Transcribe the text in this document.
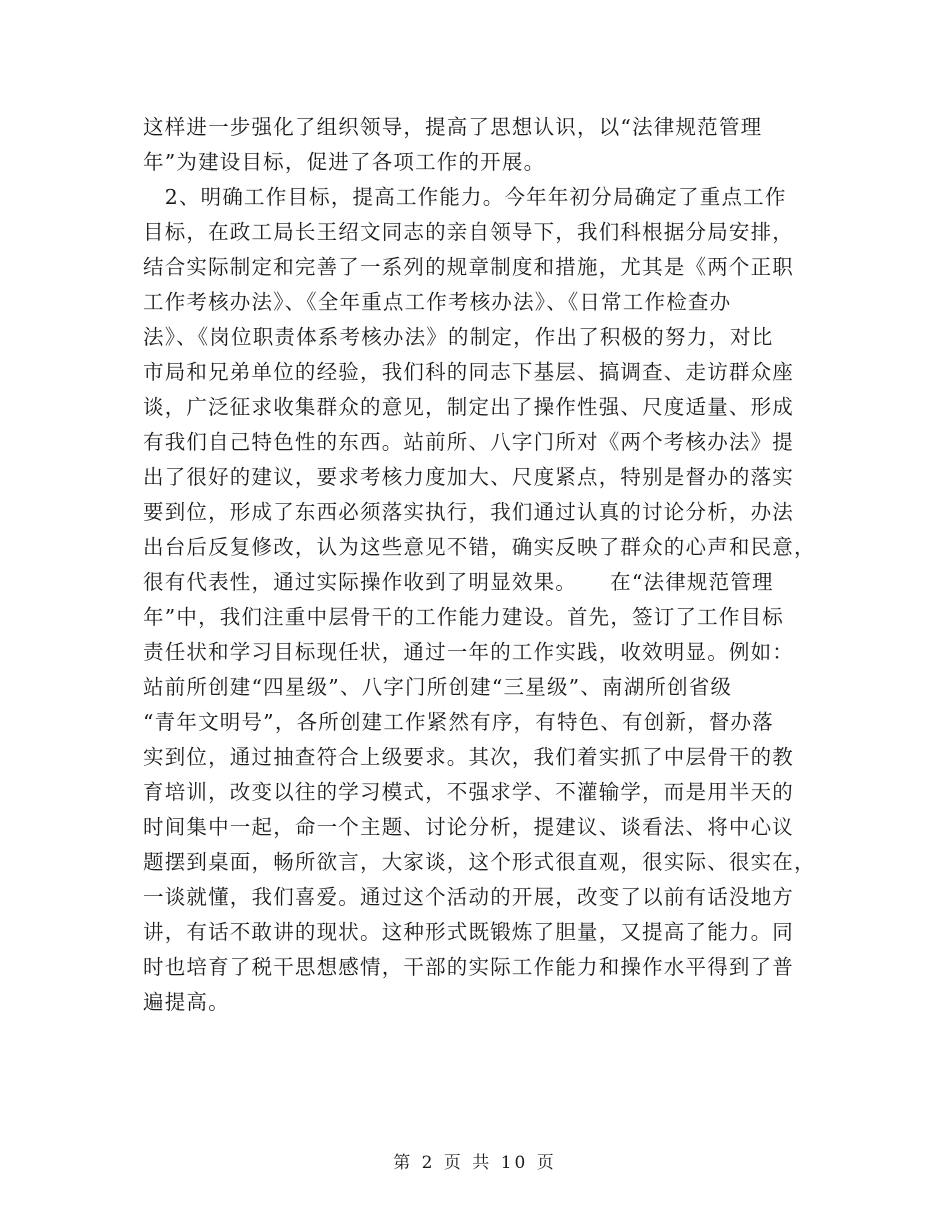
这样进一步强化了组织领导，提高了思想认识，以“法律规范管理
年”为建设目标，促进了各项工作的开展。
　2、明确工作目标，提高工作能力。今年年初分局确定了重点工作
目标，在政工局长王绍文同志的亲自领导下，我们科根据分局安排，
结合实际制定和完善了一系列的规章制度和措施，尤其是《两个正职
工作考核办法》、《全年重点工作考核办法》、《日常工作检查办
法》、《岗位职责体系考核办法》的制定，作出了积极的努力，对比
市局和兄弟单位的经验，我们科的同志下基层、搞调查、走访群众座
谈，广泛征求收集群众的意见，制定出了操作性强、尺度适量、形成
有我们自己特色性的东西。站前所、八字门所对《两个考核办法》提
出了很好的建议，要求考核力度加大、尺度紧点，特别是督办的落实
要到位，形成了东西必须落实执行，我们通过认真的讨论分析，办法
出台后反复修改，认为这些意见不错，确实反映了群众的心声和民意，
很有代表性，通过实际操作收到了明显效果。　　在“法律规范管理
年”中，我们注重中层骨干的工作能力建设。首先，签订了工作目标
责任状和学习目标现任状，通过一年的工作实践，收效明显。例如：
站前所创建“四星级”、八字门所创建“三星级”、南湖所创省级
“青年文明号”，各所创建工作紧然有序，有特色、有创新，督办落
实到位，通过抽查符合上级要求。其次，我们着实抓了中层骨干的教
育培训，改变以往的学习模式，不强求学、不灌输学，而是用半天的
时间集中一起，命一个主题、讨论分析，提建议、谈看法、将中心议
题摆到桌面，畅所欲言，大家谈，这个形式很直观，很实际、很实在，
一谈就懂，我们喜爱。通过这个活动的开展，改变了以前有话没地方
讲，有话不敢讲的现状。这种形式既锻炼了胆量，又提高了能力。同
时也培育了税干思想感情，干部的实际工作能力和操作水平得到了普
遍提高。
第 2 页 共 10 页
